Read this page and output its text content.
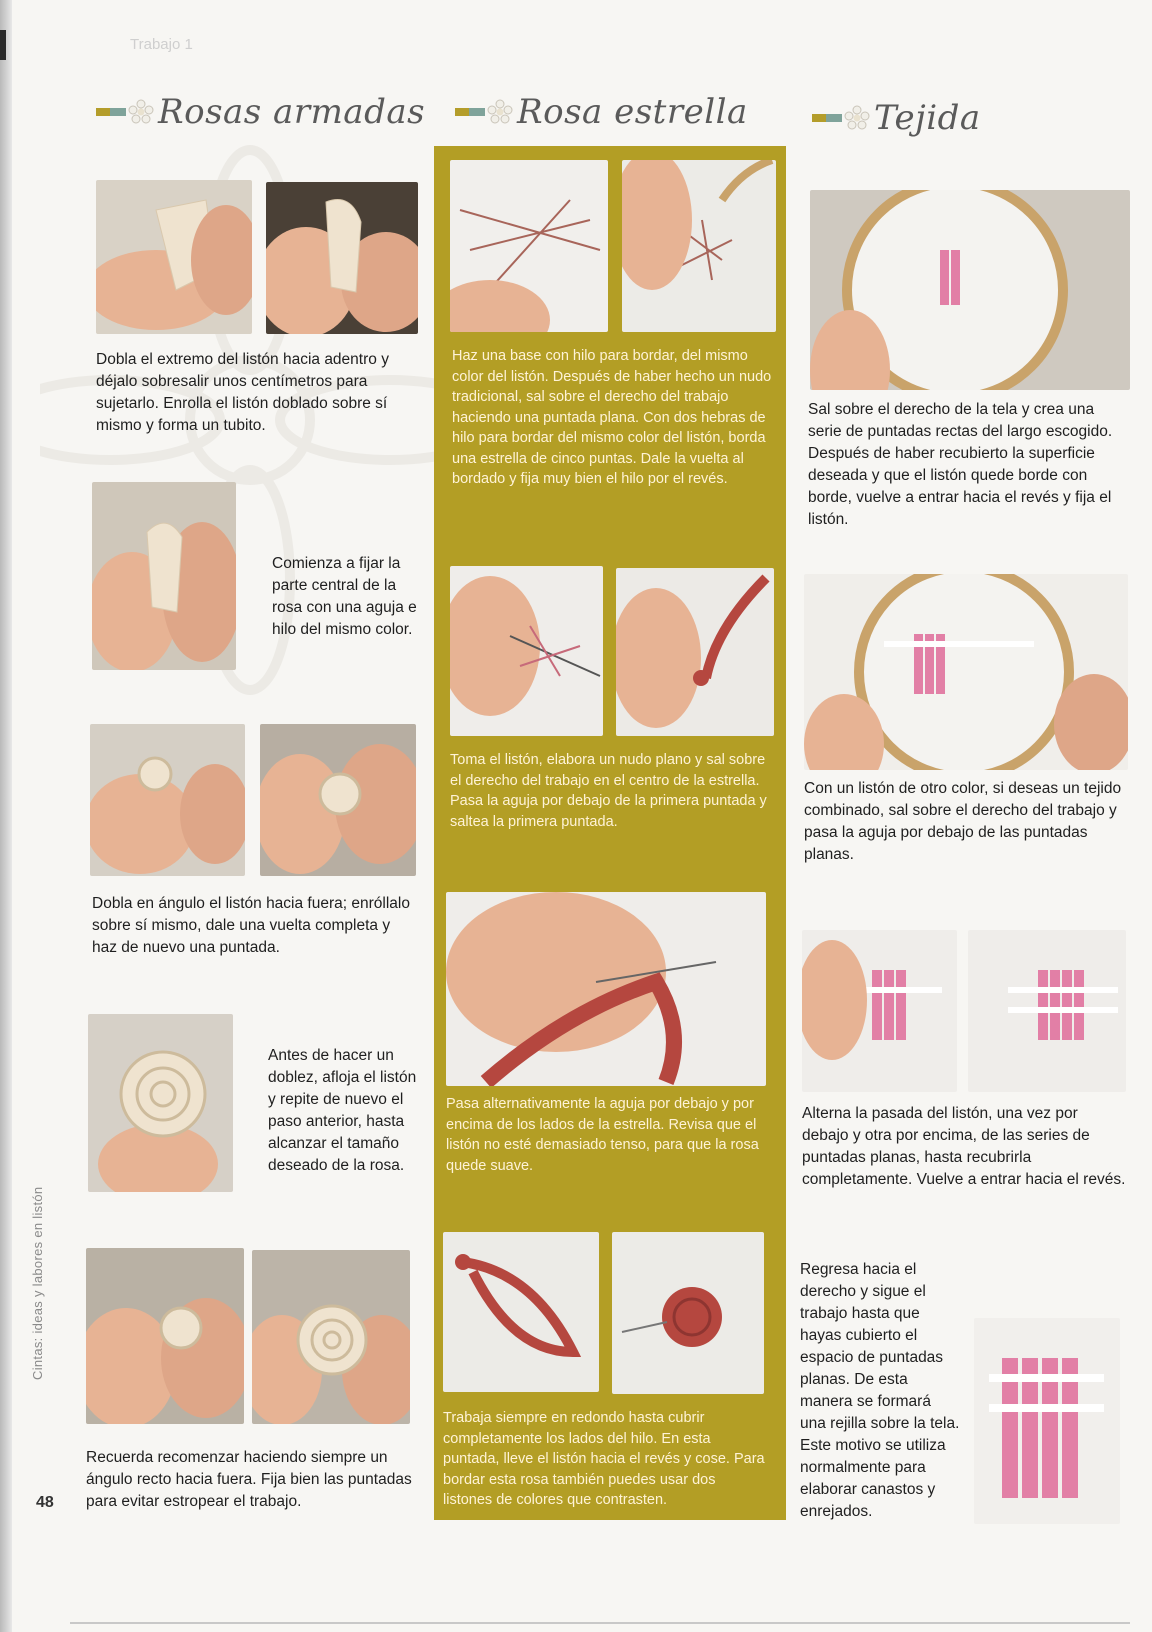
Trabajo 1
Rosas armadas	Rosa estrella	Tejida
Dobla el extremo del listón hacia adentro y déjalo sobresalir unos centímetros para sujetarlo. Enrolla el listón doblado sobre sí mismo y forma un tubito.
Comienza a fijar la parte central de la rosa con una aguja e hilo del mismo color.
Dobla en ángulo el listón hacia fuera; enróllalo sobre sí mismo, dale una vuelta completa y haz de nuevo una puntada.
Antes de hacer un doblez, afloja el listón y repite de nuevo el paso anterior, hasta alcanzar el tamaño deseado de la rosa.
Recuerda recomenzar haciendo siempre un ángulo recto hacia fuera. Fija bien las puntadas para evitar estropear el trabajo.
Haz una base con hilo para bordar, del mismo color del listón. Después de haber hecho un nudo tradicional, sal sobre el derecho del trabajo haciendo una puntada plana. Con dos hebras de hilo para bordar del mismo color del listón, borda una estrella de cinco puntas. Dale la vuelta al bordado y fija muy bien el hilo por el revés.
Toma el listón, elabora un nudo plano y sal sobre el derecho del trabajo en el centro de la estrella. Pasa la aguja por debajo de la primera puntada y saltea la primera puntada.
Pasa alternativamente la aguja por debajo y por encima de los lados de la estrella. Revisa que el listón no esté demasiado tenso, para que la rosa quede suave.
Trabaja siempre en redondo hasta cubrir completamente los lados del hilo. En esta puntada, lleve el listón hacia el revés y cose. Para bordar esta rosa también puedes usar dos listones de colores que contrasten.
Sal sobre el derecho de la tela y crea una serie de puntadas rectas del largo escogido. Después de haber recubierto la superficie deseada y que el listón quede borde con borde, vuelve a entrar hacia el revés y fija el listón.
Con un listón de otro color, si deseas un tejido combinado, sal sobre el derecho del trabajo y pasa la aguja por debajo de las puntadas planas.
Alterna la pasada del listón, una vez por debajo y otra por encima, de las series de puntadas planas, hasta recubrirla completamente. Vuelve a entrar hacia el revés.
Regresa hacia el derecho y sigue el trabajo hasta que hayas cubierto el espacio de puntadas planas. De esta manera se formará una rejilla sobre la tela. Este motivo se utiliza normalmente para elaborar canastos y enrejados.
Cintas: ideas y labores en listón
48
